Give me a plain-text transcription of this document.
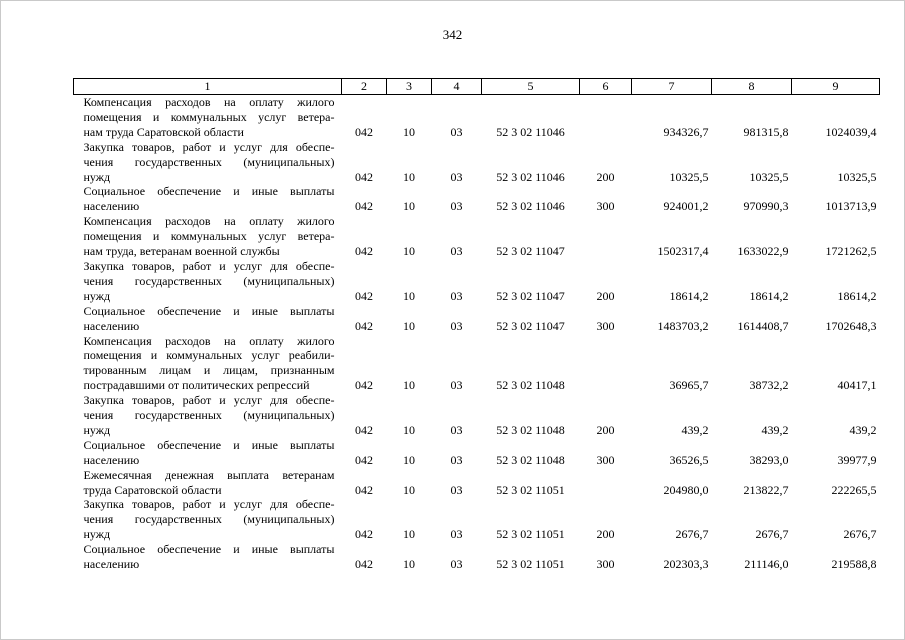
342
1	2	3	4	5	6	7	8	9

Компенсация расходов на оплату жилого
помещения и коммунальных услуг ветера-
нам труда Саратовской области	042	10	03	52 3 02 11046		934326,7	981315,8	1024039,4

Закупка товаров, работ и услуг для обеспе-
чения государственных (муниципальных)
нужд	042	10	03	52 3 02 11046	200	10325,5	10325,5	10325,5

Социальное обеспечение и иные выплаты
населению	042	10	03	52 3 02 11046	300	924001,2	970990,3	1013713,9

Компенсация расходов на оплату жилого
помещения и коммунальных услуг ветера-
нам труда, ветеранам военной службы	042	10	03	52 3 02 11047		1502317,4	1633022,9	1721262,5

Закупка товаров, работ и услуг для обеспе-
чения государственных (муниципальных)
нужд	042	10	03	52 3 02 11047	200	18614,2	18614,2	18614,2

Социальное обеспечение и иные выплаты
населению	042	10	03	52 3 02 11047	300	1483703,2	1614408,7	1702648,3

Компенсация расходов на оплату жилого
помещения и коммунальных услуг реабили-
тированным лицам и лицам, признанным
пострадавшими от политических репрессий	042	10	03	52 3 02 11048		36965,7	38732,2	40417,1

Закупка товаров, работ и услуг для обеспе-
чения государственных (муниципальных)
нужд	042	10	03	52 3 02 11048	200	439,2	439,2	439,2

Социальное обеспечение и иные выплаты
населению	042	10	03	52 3 02 11048	300	36526,5	38293,0	39977,9

Ежемесячная денежная выплата ветеранам
труда Саратовской области	042	10	03	52 3 02 11051		204980,0	213822,7	222265,5

Закупка товаров, работ и услуг для обеспе-
чения государственных (муниципальных)
нужд	042	10	03	52 3 02 11051	200	2676,7	2676,7	2676,7

Социальное обеспечение и иные выплаты
населению	042	10	03	52 3 02 11051	300	202303,3	211146,0	219588,8
